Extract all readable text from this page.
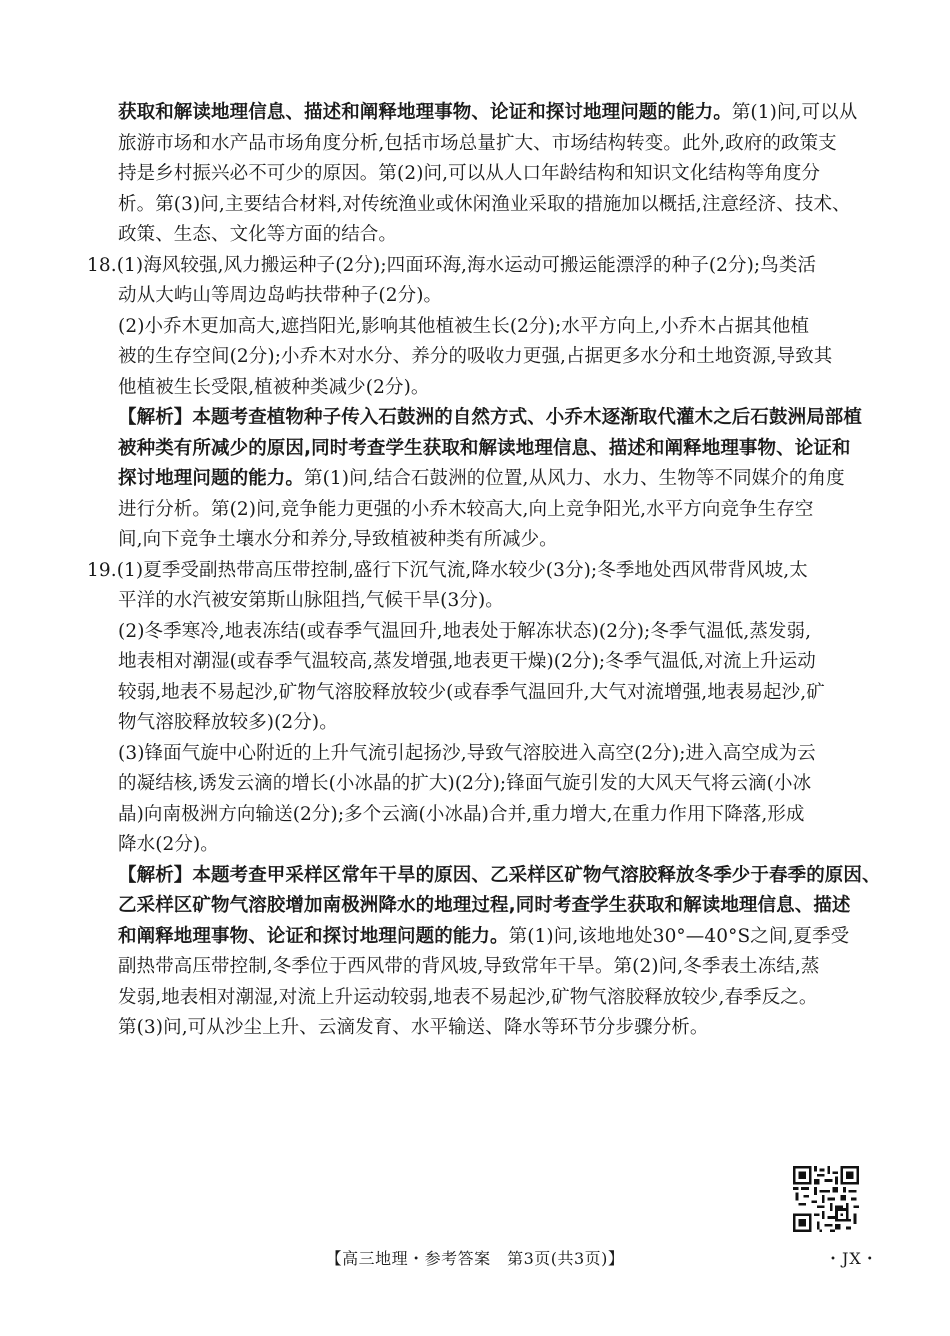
获取和解读地理信息、描述和阐释地理事物、论证和探讨地理问题的能力。第(1)问,可以从
旅游市场和水产品市场角度分析,包括市场总量扩大、市场结构转变。此外,政府的政策支
持是乡村振兴必不可少的原因。第(2)问,可以从人口年龄结构和知识文化结构等角度分
析。第(3)问,主要结合材料,对传统渔业或休闲渔业采取的措施加以概括,注意经济、技术、
政策、生态、文化等方面的结合。
18.(1)海风较强,风力搬运种子(2分);四面环海,海水运动可搬运能漂浮的种子(2分);鸟类活
动从大屿山等周边岛屿扶带种子(2分)。
(2)小乔木更加高大,遮挡阳光,影响其他植被生长(2分);水平方向上,小乔木占据其他植
被的生存空间(2分);小乔木对水分、养分的吸收力更强,占据更多水分和土地资源,导致其
他植被生长受限,植被种类减少(2分)。
【解析】本题考查植物种子传入石鼓洲的自然方式、小乔木逐渐取代灌木之后石鼓洲局部植
被种类有所减少的原因,同时考查学生获取和解读地理信息、描述和阐释地理事物、论证和
探讨地理问题的能力。第(1)问,结合石鼓洲的位置,从风力、水力、生物等不同媒介的角度
进行分析。第(2)问,竞争能力更强的小乔木较高大,向上竞争阳光,水平方向竞争生存空
间,向下竞争土壤水分和养分,导致植被种类有所减少。
19.(1)夏季受副热带高压带控制,盛行下沉气流,降水较少(3分);冬季地处西风带背风坡,太
平洋的水汽被安第斯山脉阻挡,气候干旱(3分)。
(2)冬季寒冷,地表冻结(或春季气温回升,地表处于解冻状态)(2分);冬季气温低,蒸发弱,
地表相对潮湿(或春季气温较高,蒸发增强,地表更干燥)(2分);冬季气温低,对流上升运动
较弱,地表不易起沙,矿物气溶胶释放较少(或春季气温回升,大气对流增强,地表易起沙,矿
物气溶胶释放较多)(2分)。
(3)锋面气旋中心附近的上升气流引起扬沙,导致气溶胶进入高空(2分);进入高空成为云
的凝结核,诱发云滴的增长(小冰晶的扩大)(2分);锋面气旋引发的大风天气将云滴(小冰
晶)向南极洲方向输送(2分);多个云滴(小冰晶)合并,重力增大,在重力作用下降落,形成
降水(2分)。
【解析】本题考查甲采样区常年干旱的原因、乙采样区矿物气溶胶释放冬季少于春季的原因、
乙采样区矿物气溶胶增加南极洲降水的地理过程,同时考查学生获取和解读地理信息、描述
和阐释地理事物、论证和探讨地理问题的能力。第(1)问,该地地处30°—40°S之间,夏季受
副热带高压带控制,冬季位于西风带的背风坡,导致常年干旱。第(2)问,冬季表土冻结,蒸
发弱,地表相对潮湿,对流上升运动较弱,地表不易起沙,矿物气溶胶释放较少,春季反之。
第(3)问,可从沙尘上升、云滴发育、水平输送、降水等环节分步骤分析。
【高三地理・参考答案　第3页(共3页)】	・JX・
